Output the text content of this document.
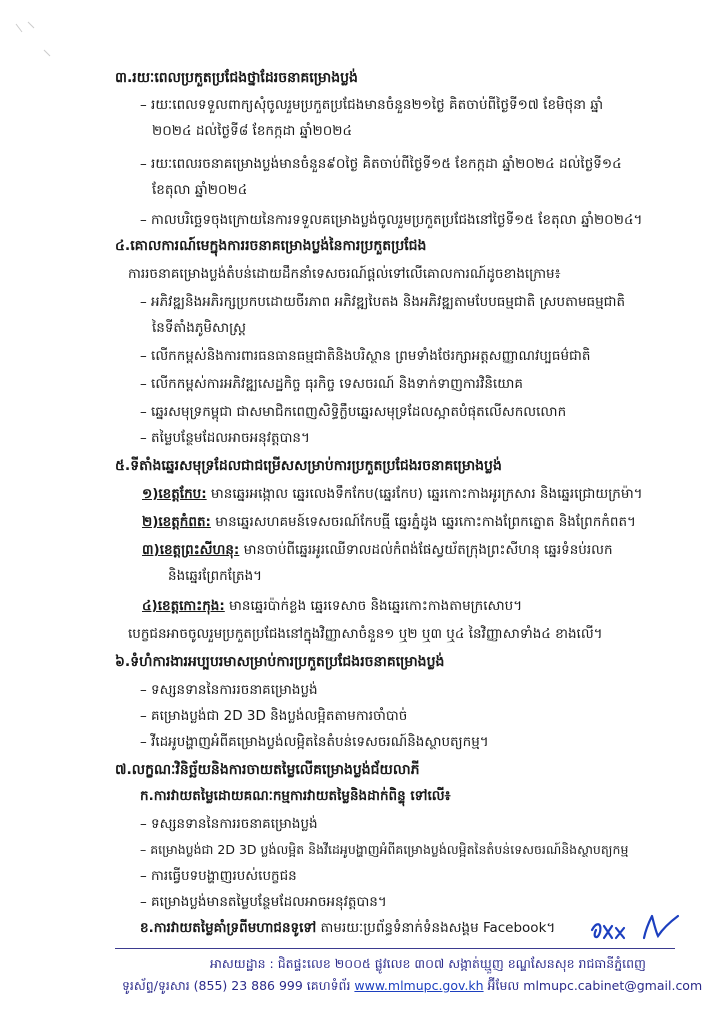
៣.រយៈពេលប្រកួតប្រជែងថ្នាដែរចនាគម្រោងប្លង់
– រយៈពេលទទួលពាក្យសុំចូលរួមប្រកួតប្រជែងមានចំនួន២១ថ្ងៃ គិតចាប់ពីថ្ងៃទី១៧ ខែមិថុនា ឆ្នាំ
២០២៤ ដល់ថ្ងៃទី៨ ខែកក្កដា ឆ្នាំ២០២៤
– រយៈពេលរចនាគម្រោងប្លង់មានចំនួន៩០ថ្ងៃ គិតចាប់ពីថ្ងៃទី១៥ ខែកក្កដា ឆ្នាំ២០២៤ ដល់ថ្ងៃទី១៤
ខែតុលា ឆ្នាំ២០២៤
– កាលបរិច្ឆេទចុងក្រោយនៃការទទួលគម្រោងប្លង់ចូលរួមប្រកួតប្រជែងនៅថ្ងៃទី១៥ ខែតុលា ឆ្នាំ២០២៤។
៤.គោលការណ៍មេក្នុងការរចនាគម្រោងប្លង់នៃការប្រកួតប្រជែង
ការរចនាគម្រោងប្លង់តំបន់ដោយដឹកនាំទេសចរណ៍ផ្ដល់ទៅលើគោលការណ៍ដូចខាងក្រោម៖
– អភិវឌ្ឍនិងអភិរក្សប្រកបដោយចីរភាព អភិវឌ្ឍបៃតង និងអភិវឌ្ឍតាមបែបធម្មជាតិ ស្របតាមធម្មជាតិ
នៃទីតាំងភូមិសាស្ត្រ
– លើកកម្ពស់និងការពារធនធានធម្មជាតិនិងបរិស្ថាន ព្រមទាំងថែរក្សាអត្តសញ្ញាណវប្បធម៌ជាតិ
– លើកកម្ពស់ការអភិវឌ្ឍសេដ្ឋកិច្ច ធុរកិច្ច ទេសចរណ៍ និងទាក់ទាញការវិនិយោគ
– ឆ្នេរសមុទ្រកម្ពុជា ជាសមាជិកពេញសិទ្ធិក្លឹបឆ្នេរសមុទ្រដែលស្អាតបំផុតលើសកលលោក
– តម្លៃបន្ថែមដែលអាចអនុវត្តបាន។
៥.ទីតាំងឆ្នេរសមុទ្រដែលជាជម្រើសសម្រាប់ការប្រកួតប្រជែងរចនាគម្រោងប្លង់
១)ខេត្តកែប: មានឆ្នេរអង្កោល ឆ្នេរលេងទឹកកែប(ឆ្នេរកែប) ឆ្នេរកោះកាងអូរក្រសារ និងឆ្នេរជ្រោយក្រម៉ា។
២)ខេត្តកំពត: មានឆ្នេរសហគមន៍ទេសចរណ៍កែបធ្មី ឆ្នេរភ្នំដូង ឆ្នេរកោះកាងព្រែកត្នោត និងព្រែកកំពត។
៣)ខេត្តព្រះសីហនុ: មានចាប់ពីឆ្នេរអូរឈើទាលដល់កំពង់ផែស្វយ័តក្រុងព្រះសីហនុ ឆ្នេរទំនប់រលក
និងឆ្នេរព្រែកត្រែង។
៤)ខេត្តកោះកុង: មានឆ្នេរប៉ាក់ខ្លង ឆ្នេរទេសាច និងឆ្នេរកោះកាងតាមក្រសោប។
បេក្ខជនអាចចូលរួមប្រកួតប្រជែងនៅក្នុងវិញ្ញាសាចំនួន១ ឬ២ ឬ៣ ឬ៤ នៃវិញ្ញាសាទាំង៤ ខាងលើ។
៦.ទំហំការងារអប្បបរមាសម្រាប់ការប្រកួតប្រជែងរចនាគម្រោងប្លង់
– ទស្សនទាននៃការរចនាគម្រោងប្លង់
– គម្រោងប្លង់ជា 2D 3D និងប្លង់លម្អិតតាមការចាំបាច់
– វីដេអូបង្ហាញអំពីគម្រោងប្លង់លម្អិតនៃតំបន់ទេសចរណ៍និងស្ថាបត្យកម្ម។
៧.លក្ខណៈវិនិច្ឆ័យនិងការចាយតម្លៃលើគម្រោងប្លង់ជ័យលាភី
ក.ការវាយតម្លៃដោយគណៈកម្មការវាយតម្លៃនិងដាក់ពិន្ទុ ទៅលើ៖
– ទស្សនទាននៃការរចនាគម្រោងប្លង់
– គម្រោងប្លង់ជា 2D 3D ប្លង់លម្អិត និងវីដេអូបង្ហាញអំពីគម្រោងប្លង់លម្អិតនៃតំបន់ទេសចរណ៍និងស្ថាបត្យកម្ម
– ការធ្វើបទបង្ហាញរបស់បេក្ខជន
– គម្រោងប្លង់មានតម្លៃបន្ថែមដែលអាចអនុវត្តបាន។
ខ.ការវាយតម្លៃគាំទ្រពីមហាជនទូទៅ តាមរយៈប្រព័ន្ធទំនាក់ទំនងសង្គម Facebook។
អាសយដ្ឋាន : ជិតផ្ទះលេខ ២០០៥ ផ្លូវលេខ ៣០៧ សង្កាត់ឃ្មួញ ខណ្ឌសែនសុខ រាជធានីភ្នំពេញ
ទូរស័ព្ទ/ទូរសារ (855) 23 886 999 គេហទំព័រ www.mlmupc.gov.kh អ៊ីមែល mlmupc.cabinet@gmail.com
